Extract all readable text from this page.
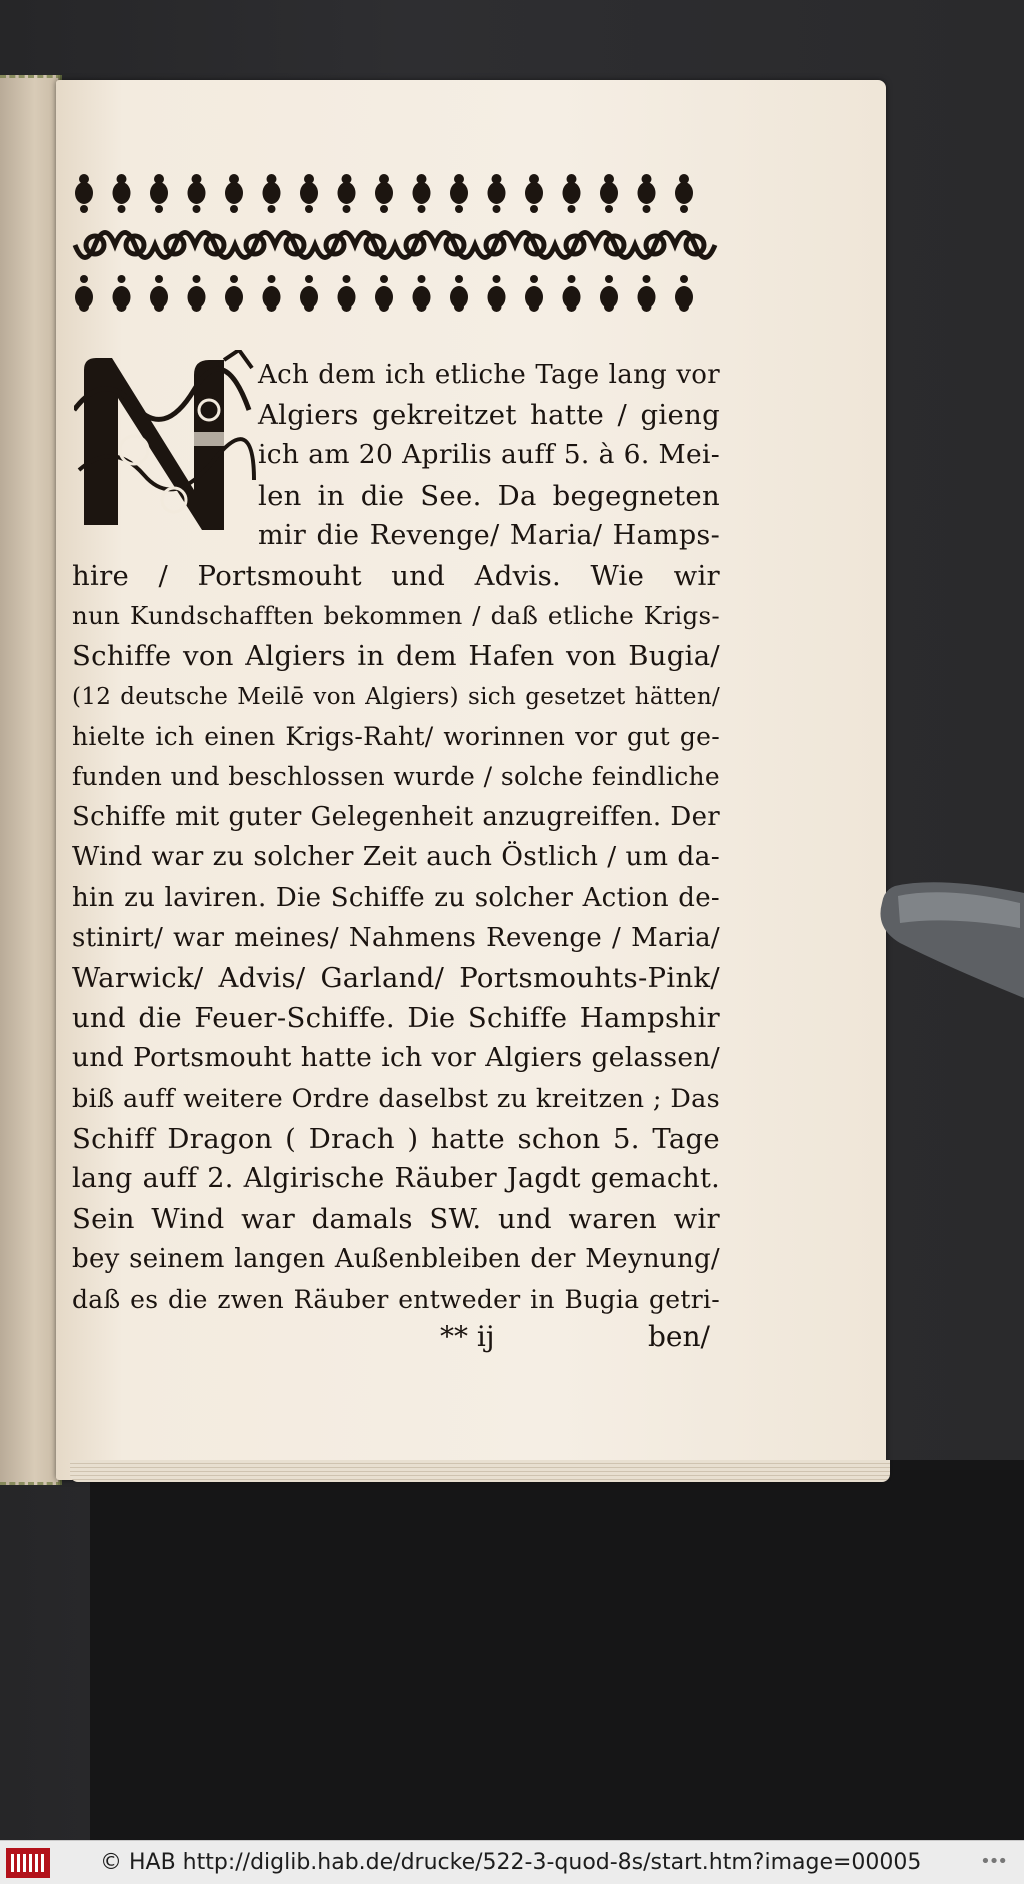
Ach dem ich etliche Tage lang vor
Algiers gekreitzet hatte / gieng
ich am 20 Aprilis auff 5. à 6. Mei-
len in die See. Da begegneten
mir die Revenge/ Maria/ Hamps-
hire / Portsmouht und Advis. Wie wir
nun Kundschafften bekommen / daß etliche Krigs-
Schiffe von Algiers in dem Hafen von Bugia/
(12 deutsche Meilē von Algiers) sich gesetzet hätten/
hielte ich einen Krigs-Raht/ worinnen vor gut ge-
funden und beschlossen wurde / solche feindliche
Schiffe mit guter Gelegenheit anzugreiffen. Der
Wind war zu solcher Zeit auch Östlich / um da-
hin zu laviren. Die Schiffe zu solcher Action de-
stinirt/ war meines/ Nahmens Revenge / Maria/
Warwick/ Advis/ Garland/ Portsmouhts-Pink/
und die Feuer-Schiffe. Die Schiffe Hampshir
und Portsmouht hatte ich vor Algiers gelassen/
biß auff weitere Ordre daselbst zu kreitzen ; Das
Schiff Dragon ( Drach ) hatte schon 5. Tage
lang auff 2. Algirische Räuber Jagdt gemacht.
Sein Wind war damals SW. und waren wir
bey seinem langen Außenbleiben der Meynung/
daß es die zwen Räuber entweder in Bugia getri-
** ij	ben/
© HAB http://diglib.hab.de/drucke/522-3-quod-8s/start.htm?image=00005	•••
